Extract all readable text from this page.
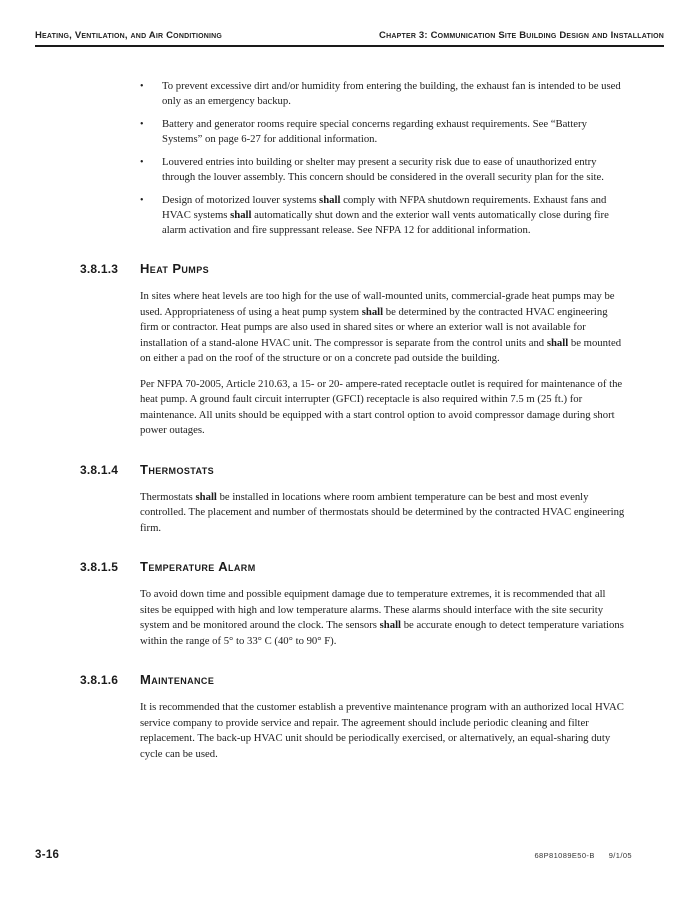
Heating, Ventilation, and Air Conditioning	Chapter 3: Communication Site Building Design and Installation
•	To prevent excessive dirt and/or humidity from entering the building, the exhaust fan is intended to be used only as an emergency backup.
•	Battery and generator rooms require special concerns regarding exhaust requirements. See “Battery Systems” on page 6-27 for additional information.
•	Louvered entries into building or shelter may present a security risk due to ease of unauthorized entry through the louver assembly. This concern should be considered in the overall security plan for the site.
•	Design of motorized louver systems shall comply with NFPA shutdown requirements. Exhaust fans and HVAC systems shall automatically shut down and the exterior wall vents automatically close during fire alarm activation and fire suppressant release. See NFPA 12 for additional information.
3.8.1.3	Heat Pumps

In sites where heat levels are too high for the use of wall-mounted units, commercial-grade heat pumps may be used. Appropriateness of using a heat pump system shall be determined by the contracted HVAC engineering firm or contractor. Heat pumps are also used in shared sites or where an exterior wall is not available for installation of a stand-alone HVAC unit. The compressor is separate from the control units and shall be mounted on either a pad on the roof of the structure or on a concrete pad outside the building.

Per NFPA 70-2005, Article 210.63, a 15- or 20- ampere-rated receptacle outlet is required for maintenance of the heat pump. A ground fault circuit interrupter (GFCI) receptacle is also required within 7.5 m (25 ft.) for maintenance. All units should be equipped with a start control option to avoid compressor damage during short power outages.

3.8.1.4	Thermostats

Thermostats shall be installed in locations where room ambient temperature can be best and most evenly controlled. The placement and number of thermostats should be determined by the contracted HVAC engineering firm.

3.8.1.5	Temperature Alarm

To avoid down time and possible equipment damage due to temperature extremes, it is recommended that all sites be equipped with high and low temperature alarms. These alarms should interface with the site security system and be monitored around the clock. The sensors shall be accurate enough to detect temperature variations within the range of 5° to 33° C (40° to 90° F).

3.8.1.6	Maintenance

It is recommended that the customer establish a preventive maintenance program with an authorized local HVAC service company to provide service and repair. The agreement should include periodic cleaning and filter replacement. The back-up HVAC unit should be periodically exercised, or alternatively, an equal-sharing duty cycle can be used.

3-16	68P81089E50-B 9/1/05
